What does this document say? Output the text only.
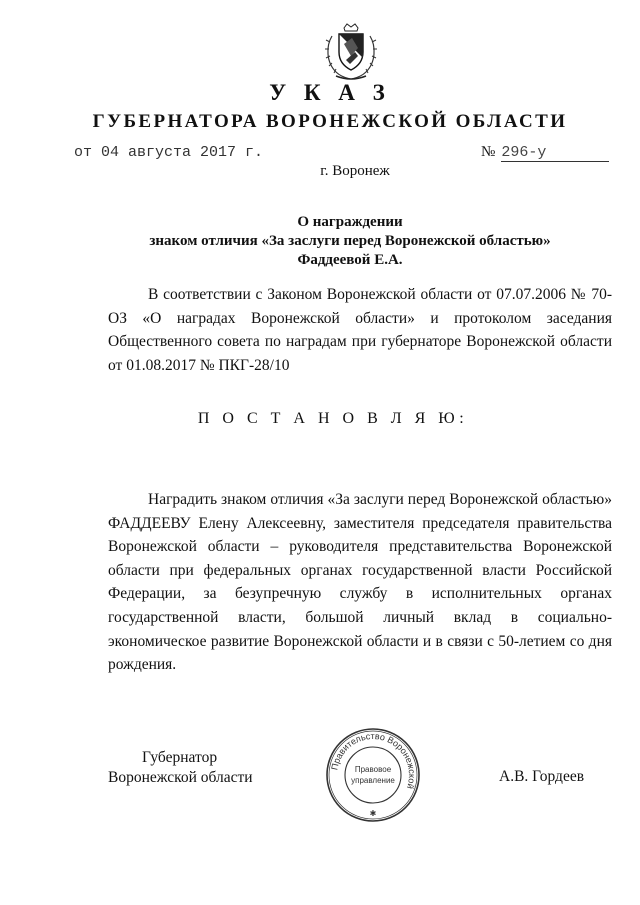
У К А З
ГУБЕРНАТОРА ВОРОНЕЖСКОЙ ОБЛАСТИ
от 04 августа 2017 г.	№ 296-у
г. Воронеж
О награждении
знаком отличия «За заслуги перед Воронежской областью»
Фаддеевой Е.А.
В соответствии с Законом Воронежской области от 07.07.2006 № 70-ОЗ «О наградах Воронежской области» и протоколом заседания Общественного совета по наградам при губернаторе Воронежской области от 01.08.2017 № ПКГ-28/10
П О С Т А Н О В Л Я Ю:
Наградить знаком отличия «За заслуги перед Воронежской областью» ФАДДЕЕВУ Елену Алексеевну, заместителя председателя правительства Воронежской области – руководителя представительства Воронежской области при федеральных органах государственной власти Российской Федерации, за безупречную службу в исполнительных органах государственной власти, большой личный вклад в социально-экономическое развитие Воронежской области и в связи с 50-летием со дня рождения.
Губернатор
Воронежской области
Правительство Воронежской
Правовое
управление
✱
А.В. Гордеев
